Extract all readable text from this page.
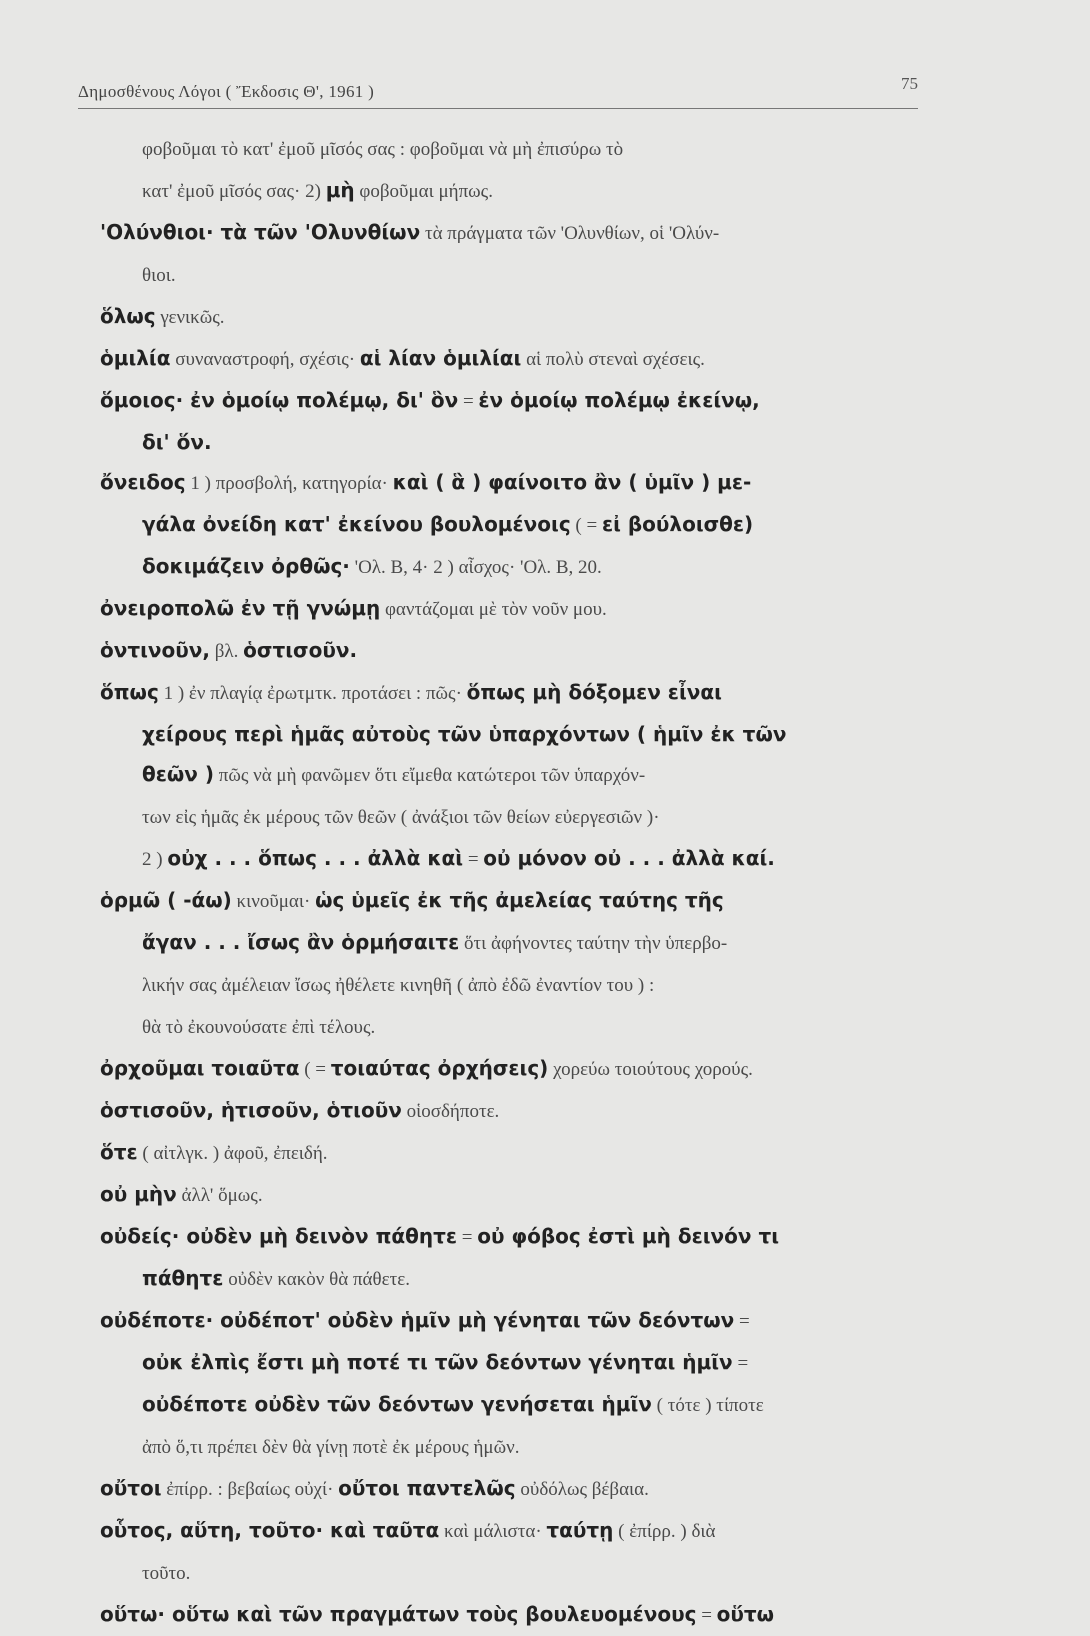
Δημοσθένους Λόγοι ( Ἔκδοσις Θ', 1961 )	75
φοβοῦμαι τὸ κατ' ἐμοῦ μῖσός σας : φοβοῦμαι νὰ μὴ ἐπισύρω τὸ
κατ' ἐμοῦ μῖσός σας· 2) μὴ φοβοῦμαι μήπως.
'Ολύνθιοι· τὰ τῶν 'Ολυνθίων τὰ πράγματα τῶν 'Ολυνθίων, οἱ 'Ολύν-
θιοι.
ὅλως γενικῶς.
ὁμιλία συναναστροφή, σχέσις· αἱ λίαν ὁμιλίαι αἱ πολὺ στεναὶ σχέσεις.
ὅμοιος· ἐν ὁμοίῳ πολέμῳ, δι' ὃν = ἐν ὁμοίῳ πολέμῳ ἐκείνῳ,
δι' ὅν.
ὄνειδος 1 ) προσβολή, κατηγορία· καὶ ( ἃ ) φαίνοιτο ἂν ( ὑμῖν ) με-
γάλα ὀνείδη κατ' ἐκείνου βουλομένοις ( = εἰ βούλοισθε)
δοκιμάζειν ὀρθῶς· 'Ολ. Β, 4· 2 ) αἶσχος· 'Ολ. Β, 20.
ὀνειροπολῶ ἐν τῇ γνώμῃ φαντάζομαι μὲ τὸν νοῦν μου.
ὁντινοῦν, βλ. ὁστισοῦν.
ὅπως 1 ) ἐν πλαγίᾳ ἐρωτμτκ. προτάσει : πῶς· ὅπως μὴ δόξομεν εἶναι
χείρους περὶ ἡμᾶς αὐτοὺς τῶν ὑπαρχόντων ( ἡμῖν ἐκ τῶν
θεῶν ) πῶς νὰ μὴ φανῶμεν ὅτι εἴμεθα κατώτεροι τῶν ὑπαρχόν-
των εἰς ἡμᾶς ἐκ μέρους τῶν θεῶν ( ἀνάξιοι τῶν θείων εὐεργεσιῶν )·
2 ) οὐχ . . . ὅπως . . . ἀλλὰ καὶ = οὐ μόνον οὐ . . . ἀλλὰ καί.
ὁρμῶ ( -άω) κινοῦμαι· ὡς ὑμεῖς ἐκ τῆς ἀμελείας ταύτης τῆς
ἄγαν . . . ἴσως ἂν ὁρμήσαιτε ὅτι ἀφήνοντες ταύτην τὴν ὑπερβο-
λικήν σας ἀμέλειαν ἴσως ἠθέλετε κινηθῆ ( ἀπὸ ἐδῶ ἐναντίον του ) :
θὰ τὸ ἐκουνούσατε ἐπὶ τέλους.
ὀρχοῦμαι τοιαῦτα ( = τοιαύτας ὀρχήσεις) χορεύω τοιούτους χορούς.
ὁστισοῦν, ἡτισοῦν, ὁτιοῦν οἱοσδήποτε.
ὅτε ( αἰτλγκ. ) ἀφοῦ, ἐπειδή.
οὐ μὴν ἀλλ' ὅμως.
οὐδείς· οὐδὲν μὴ δεινὸν πάθητε = οὐ φόβος ἐστὶ μὴ δεινόν τι
πάθητε οὐδὲν κακὸν θὰ πάθετε.
οὐδέποτε· οὐδέποτ' οὐδὲν ἡμῖν μὴ γένηται τῶν δεόντων =
οὐκ ἐλπὶς ἔστι μὴ ποτέ τι τῶν δεόντων γένηται ἡμῖν =
οὐδέποτε οὐδὲν τῶν δεόντων γενήσεται ἡμῖν ( τότε ) τίποτε
ἀπὸ ὅ,τι πρέπει δὲν θὰ γίνῃ ποτὲ ἐκ μέρους ἡμῶν.
οὔτοι ἐπίρρ. : βεβαίως οὐχί· οὔτοι παντελῶς οὐδόλως βέβαια.
οὗτος, αὕτη, τοῦτο· καὶ ταῦτα καὶ μάλιστα· ταύτῃ ( ἐπίρρ. ) διὰ
τοῦτο.
οὕτω· οὕτω καὶ τῶν πραγμάτων τοὺς βουλευομένους = οὕτω
